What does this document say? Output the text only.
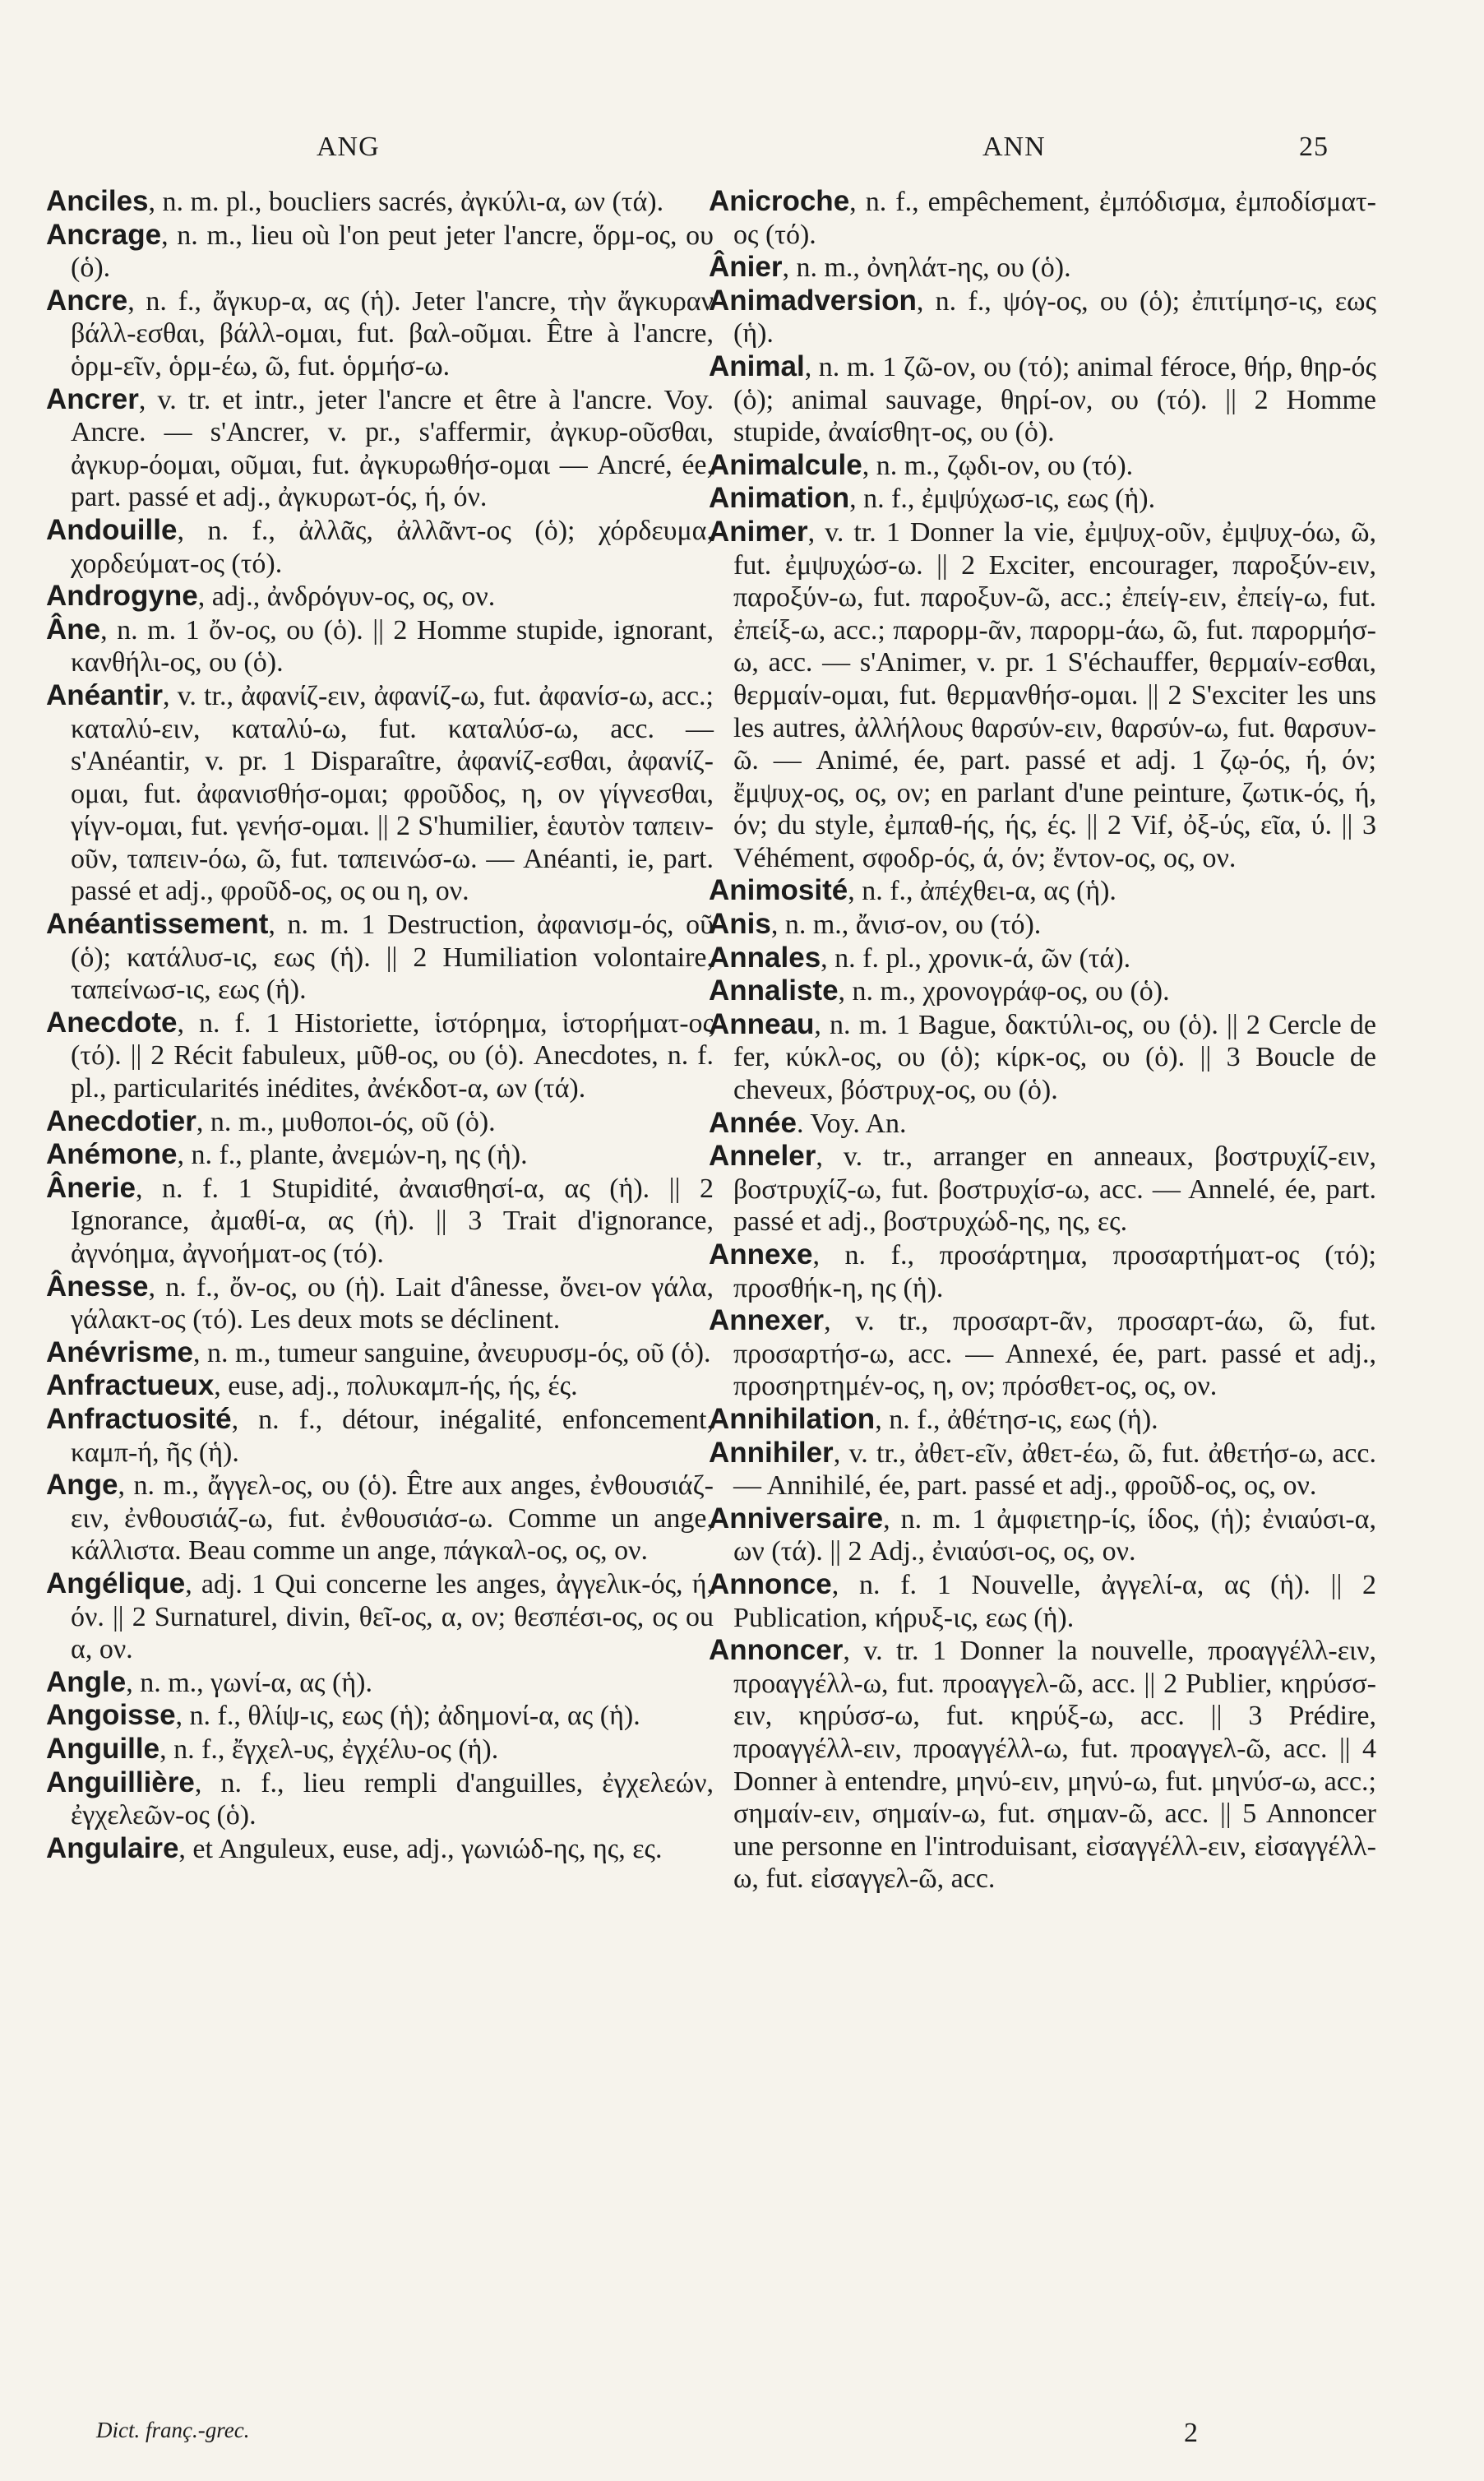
ANG	ANN	25

Anciles, n. m. pl., boucliers sacrés, ἀγκύλι-α, ων (τά).

Ancrage, n. m., lieu où l'on peut jeter l'ancre, ὅρμ-ος, ου (ὁ).

Ancre, n. f., ἄγκυρ-α, ας (ἡ). Jeter l'ancre, τὴν ἄγκυραν βάλλ-εσθαι, βάλλ-ομαι, fut. βαλ-οῦμαι. Être à l'ancre, ὁρμ-εῖν, ὁρμ-έω, ῶ, fut. ὁρμήσ-ω.

Ancrer, v. tr. et intr., jeter l'ancre et être à l'ancre. Voy. Ancre. — s'Ancrer, v. pr., s'affermir, ἀγκυρ-οῦσθαι, ἀγκυρ-όομαι, οῦμαι, fut. ἀγκυρωθήσ-ομαι — Ancré, ée, part. passé et adj., ἀγκυρωτ-ός, ή, όν.

Andouille, n. f., ἀλλᾶς, ἀλλᾶντ-ος (ὁ); χόρδευμα, χορδεύματ-ος (τό).

Androgyne, adj., ἀνδρόγυν-ος, ος, ον.

Âne, n. m. 1 ὄν-ος, ου (ὁ). || 2 Homme stupide, ignorant, κανθήλι-ος, ου (ὁ).

Anéantir, v. tr., ἀφανίζ-ειν, ἀφανίζ-ω, fut. ἀφανίσ-ω, acc.; καταλύ-ειν, καταλύ-ω, fut. καταλύσ-ω, acc. — s'Anéantir, v. pr. 1 Disparaître, ἀφανίζ-εσθαι, ἀφανίζ-ομαι, fut. ἀφανισθήσ-ομαι; φροῦδος, η, ον γίγνεσθαι, γίγν-ομαι, fut. γενήσ-ομαι. || 2 S'humilier, ἑαυτὸν ταπειν-οῦν, ταπειν-όω, ῶ, fut. ταπεινώσ-ω. — Anéanti, ie, part. passé et adj., φροῦδ-ος, ος ou η, ον.

Anéantissement, n. m. 1 Destruction, ἀφανισμ-ός, οῦ (ὁ); κατάλυσ-ις, εως (ἡ). || 2 Humiliation volontaire, ταπείνωσ-ις, εως (ἡ).

Anecdote, n. f. 1 Historiette, ἱστόρημα, ἱστορήματ-ος (τό). || 2 Récit fabuleux, μῦθ-ος, ου (ὁ). Anecdotes, n. f. pl., particularités inédites, ἀνέκδοτ-α, ων (τά).

Anecdotier, n. m., μυθοποι-ός, οῦ (ὁ).

Anémone, n. f., plante, ἀνεμών-η, ης (ἡ).

Ânerie, n. f. 1 Stupidité, ἀναισθησί-α, ας (ἡ). || 2 Ignorance, ἀμαθί-α, ας (ἡ). || 3 Trait d'ignorance, ἀγνόημα, ἀγνοήματ-ος (τό).

Ânesse, n. f., ὄν-ος, ου (ἡ). Lait d'ânesse, ὄνει-ον γάλα, γάλακτ-ος (τό). Les deux mots se déclinent.

Anévrisme, n. m., tumeur sanguine, ἀνευρυσμ-ός, οῦ (ὁ).

Anfractueux, euse, adj., πολυκαμπ-ής, ής, ές.

Anfractuosité, n. f., détour, inégalité, enfoncement, καμπ-ή, ῆς (ἡ).

Ange, n. m., ἄγγελ-ος, ου (ὁ). Être aux anges, ἐνθουσιάζ-ειν, ἐνθουσιάζ-ω, fut. ἐνθουσιάσ-ω. Comme un ange, κάλλιστα. Beau comme un ange, πάγκαλ-ος, ος, ον.

Angélique, adj. 1 Qui concerne les anges, ἀγγελικ-ός, ή, όν. || 2 Surnaturel, divin, θεῖ-ος, α, ον; θεσπέσι-ος, ος ou α, ον.

Angle, n. m., γωνί-α, ας (ἡ).

Angoisse, n. f., θλίψ-ις, εως (ἡ); ἀδημονί-α, ας (ἡ).

Anguille, n. f., ἔγχελ-υς, ἐγχέλυ-ος (ἡ).

Anguillière, n. f., lieu rempli d'anguilles, ἐγχελεών, ἐγχελεῶν-ος (ὁ).

Angulaire, et Anguleux, euse, adj., γωνιώδ-ης, ης, ες.

Anicroche, n. f., empêchement, ἐμπόδισμα, ἐμποδίσματ-ος (τό).

Ânier, n. m., ὀνηλάτ-ης, ου (ὁ).

Animadversion, n. f., ψόγ-ος, ου (ὁ); ἐπιτίμησ-ις, εως (ἡ).

Animal, n. m. 1 ζῶ-ον, ου (τό); animal féroce, θήρ, θηρ-ός (ὁ); animal sauvage, θηρί-ον, ου (τό). || 2 Homme stupide, ἀναίσθητ-ος, ου (ὁ).

Animalcule, n. m., ζῳδι-ον, ου (τό).

Animation, n. f., ἐμψύχωσ-ις, εως (ἡ).

Animer, v. tr. 1 Donner la vie, ἐμψυχ-οῦν, ἐμψυχ-όω, ῶ, fut. ἐμψυχώσ-ω. || 2 Exciter, encourager, παροξύν-ειν, παροξύν-ω, fut. παροξυν-ῶ, acc.; ἐπείγ-ειν, ἐπείγ-ω, fut. ἐπείξ-ω, acc.; παρορμ-ᾶν, παρορμ-άω, ῶ, fut. παρορμήσ-ω, acc. — s'Animer, v. pr. 1 S'échauffer, θερμαίν-εσθαι, θερμαίν-ομαι, fut. θερμανθήσ-ομαι. || 2 S'exciter les uns les autres, ἀλλήλους θαρσύν-ειν, θαρσύν-ω, fut. θαρσυν-ῶ. — Animé, ée, part. passé et adj. 1 ζῳ-ός, ή, όν; ἔμψυχ-ος, ος, ον; en parlant d'une peinture, ζωτικ-ός, ή, όν; du style, ἐμπαθ-ής, ής, ές. || 2 Vif, ὀξ-ύς, εῖα, ύ. || 3 Véhément, σφοδρ-ός, ά, όν; ἔντον-ος, ος, ον.

Animosité, n. f., ἀπέχθει-α, ας (ἡ).

Anis, n. m., ἄνισ-ον, ου (τό).

Annales, n. f. pl., χρονικ-ά, ῶν (τά).

Annaliste, n. m., χρονογράφ-ος, ου (ὁ).

Anneau, n. m. 1 Bague, δακτύλι-ος, ου (ὁ). || 2 Cercle de fer, κύκλ-ος, ου (ὁ); κίρκ-ος, ου (ὁ). || 3 Boucle de cheveux, βόστρυχ-ος, ου (ὁ).

Année. Voy. An.

Anneler, v. tr., arranger en anneaux, βοστρυχίζ-ειν, βοστρυχίζ-ω, fut. βοστρυχίσ-ω, acc. — Annelé, ée, part. passé et adj., βοστρυχώδ-ης, ης, ες.

Annexe, n. f., προσάρτημα, προσαρτήματ-ος (τό); προσθήκ-η, ης (ἡ).

Annexer, v. tr., προσαρτ-ᾶν, προσαρτ-άω, ῶ, fut. προσαρτήσ-ω, acc. — Annexé, ée, part. passé et adj., προσηρτημέν-ος, η, ον; πρόσθετ-ος, ος, ον.

Annihilation, n. f., ἀθέτησ-ις, εως (ἡ).

Annihiler, v. tr., ἀθετ-εῖν, ἀθετ-έω, ῶ, fut. ἀθετήσ-ω, acc. — Annihilé, ée, part. passé et adj., φροῦδ-ος, ος, ον.

Anniversaire, n. m. 1 ἀμφιετηρ-ίς, ίδος, (ἡ); ἐνιαύσι-α, ων (τά). || 2 Adj., ἐνιαύσι-ος, ος, ον.

Annonce, n. f. 1 Nouvelle, ἀγγελί-α, ας (ἡ). || 2 Publication, κήρυξ-ις, εως (ἡ).

Annoncer, v. tr. 1 Donner la nouvelle, προαγγέλλ-ειν, προαγγέλλ-ω, fut. προαγγελ-ῶ, acc. || 2 Publier, κηρύσσ-ειν, κηρύσσ-ω, fut. κηρύξ-ω, acc. || 3 Prédire, προαγγέλλ-ειν, προαγγέλλ-ω, fut. προαγγελ-ῶ, acc. || 4 Donner à entendre, μηνύ-ειν, μηνύ-ω, fut. μηνύσ-ω, acc.; σημαίν-ειν, σημαίν-ω, fut. σημαν-ῶ, acc. || 5 Annoncer une personne en l'introduisant, εἰσαγγέλλ-ειν, εἰσαγγέλλ-ω, fut. εἰσαγγελ-ῶ, acc.

Dict. franç.-grec.	2
